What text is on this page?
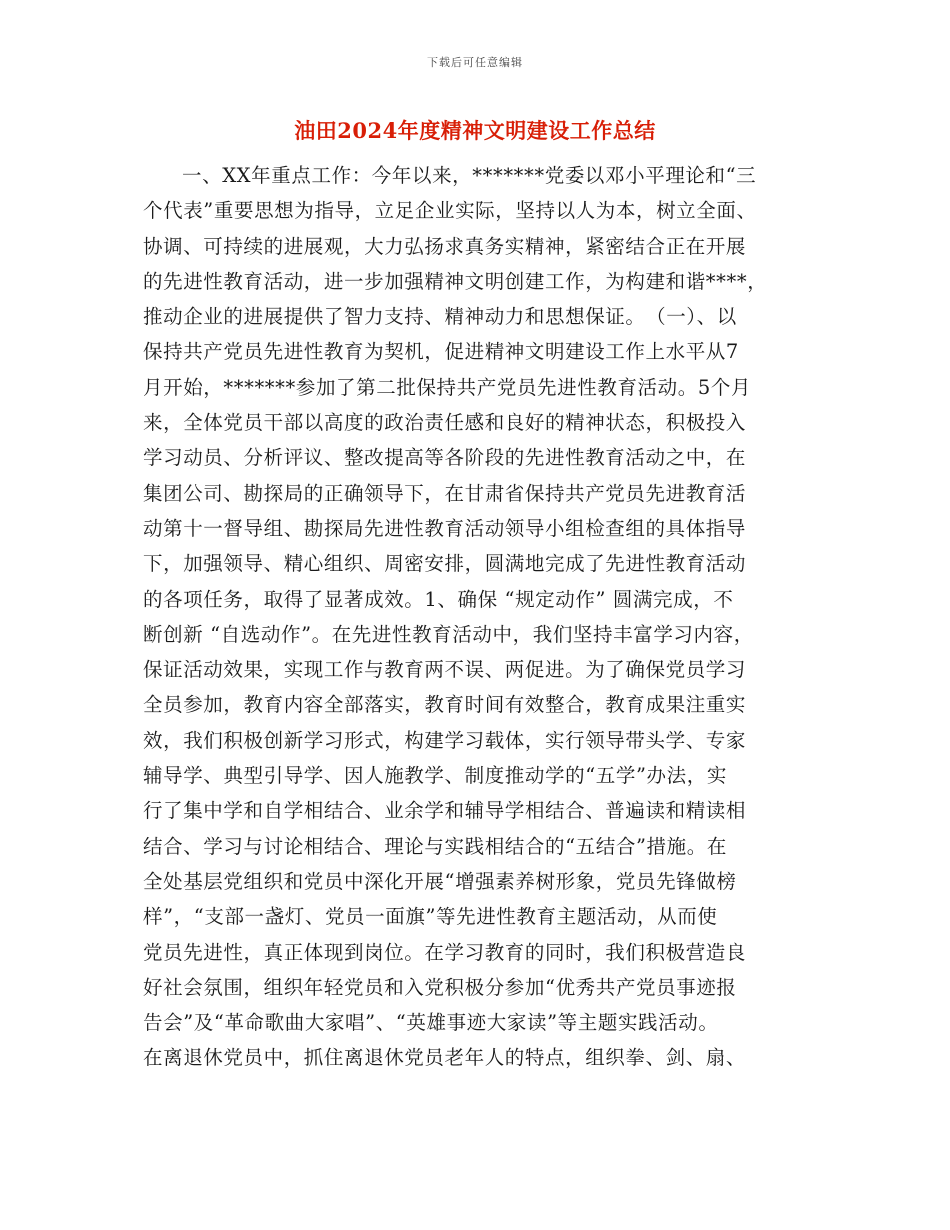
下载后可任意编辑
油田2024年度精神文明建设工作总结
一、XX年重点工作：今年以来，*******党委以邓小平理论和“三
个代表”重要思想为指导，立足企业实际，坚持以人为本，树立全面、
协调、可持续的进展观，大力弘扬求真务实精神，紧密结合正在开展
的先进性教育活动，进一步加强精神文明创建工作，为构建和谐****，
推动企业的进展提供了智力支持、精神动力和思想保证。　（一）、以
保持共产党员先进性教育为契机，促进精神文明建设工作上水平从7
月开始，*******参加了第二批保持共产党员先进性教育活动。5个月
来，全体党员干部以高度的政治责任感和良好的精神状态，积极投入
学习动员、分析评议、整改提高等各阶段的先进性教育活动之中，在
集团公司、勘探局的正确领导下，在甘肃省保持共产党员先进教育活
动第十一督导组、勘探局先进性教育活动领导小组检查组的具体指导
下，加强领导、精心组织、周密安排，圆满地完成了先进性教育活动
的各项任务，取得了显著成效。1、确保 “规定动作” 圆满完成，不
断创新 “自选动作”。在先进性教育活动中，我们坚持丰富学习内容，
保证活动效果，实现工作与教育两不误、两促进。为了确保党员学习
全员参加，教育内容全部落实，教育时间有效整合，教育成果注重实
效，我们积极创新学习形式，构建学习载体，实行领导带头学、专家
辅导学、典型引导学、因人施教学、制度推动学的“五学”办法，实
行了集中学和自学相结合、业余学和辅导学相结合、普遍读和精读相
结合、学习与讨论相结合、理论与实践相结合的“五结合”措施。在
全处基层党组织和党员中深化开展“增强素养树形象，党员先锋做榜
样”，“支部一盏灯、党员一面旗”等先进性教育主题活动，从而使
党员先进性，真正体现到岗位。在学习教育的同时，我们积极营造良
好社会氛围，组织年轻党员和入党积极分参加“优秀共产党员事迹报
告会”及“革命歌曲大家唱”、“英雄事迹大家读”等主题实践活动。
在离退休党员中，抓住离退休党员老年人的特点，组织拳、剑、扇、
